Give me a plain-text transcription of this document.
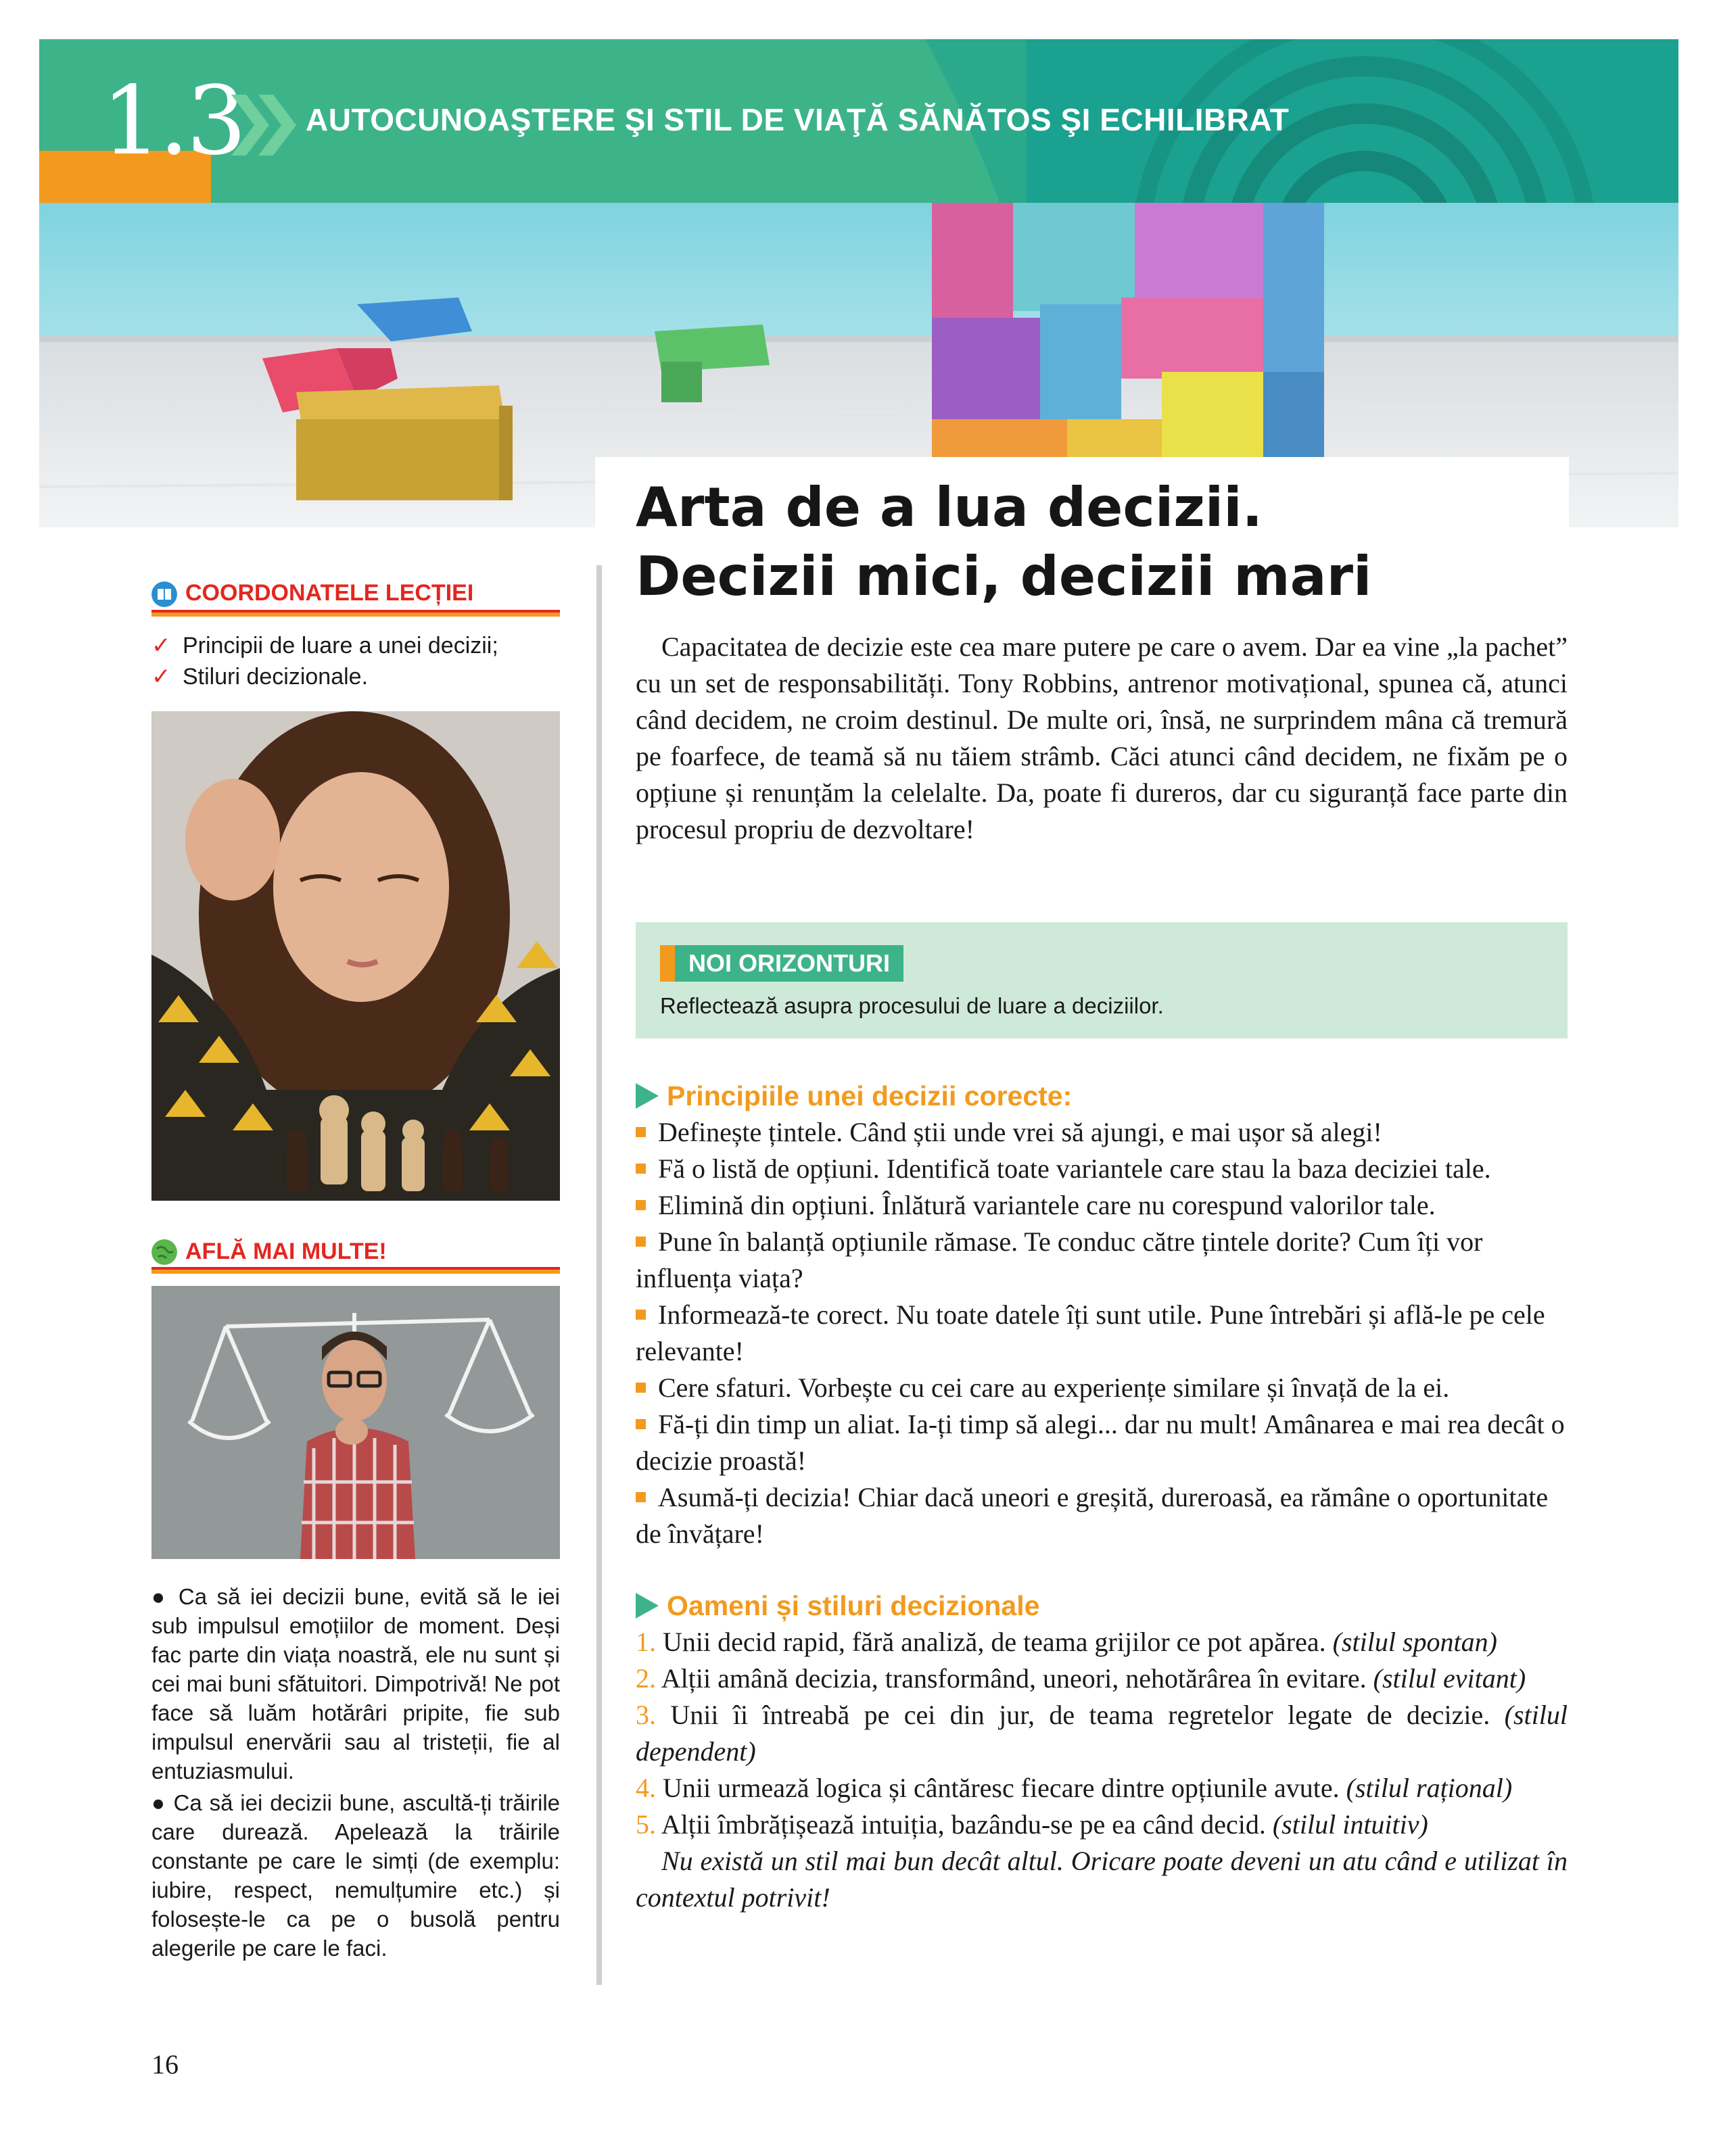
1.3 AUTOCUNOAŞTERE ŞI STIL DE VIAŢĂ SĂNĂTOS ŞI ECHILIBRAT
Arta de a lua decizii.
Decizii mici, decizii mari
COORDONATELE LECȚIEI
✓ Principii de luare a unei decizii;
✓ Stiluri decizionale.
AFLĂ MAI MULTE!

● Ca să iei decizii bune, evită să le iei sub impulsul emoțiilor de moment. Deși fac parte din viața noastră, ele nu sunt și cei mai buni sfătuitori. Dimpotrivă! Ne pot face să luăm hotărâri pripite, fie sub impulsul enervării sau al tristeții, fie al entuziasmului.

● Ca să iei decizii bune, ascultă-ți trăirile care durează. Apelează la trăirile constante pe care le simți (de exemplu: iubire, respect, nemulțumire etc.) și folosește-le ca pe o busolă pentru alegerile pe care le faci.

Capacitatea de decizie este cea mare putere pe care o avem. Dar ea vine „la pachet” cu un set de responsabilități. Tony Robbins, antrenor motivațional, spunea că, atunci când decidem, ne croim destinul. De multe ori, însă, ne surprindem mâna că tremură pe foarfece, de teamă să nu tăiem strâmb. Căci atunci când decidem, ne fixăm pe o opțiune și renunțăm la celelalte. Da, poate fi dureros, dar cu siguranță face parte din procesul propriu de dezvoltare!

NOI ORIZONTURI
Reflectează asupra procesului de luare a deciziilor.
Principiile unei decizii corecte:
Definește țintele. Când știi unde vrei să ajungi, e mai ușor să alegi!
Fă o listă de opțiuni. Identifică toate variantele care stau la baza deciziei tale.
Elimină din opțiuni. Înlătură variantele care nu corespund valorilor tale.
Pune în balanță opțiunile rămase. Te conduc către țintele dorite? Cum îți vor influența viața?
Informează-te corect. Nu toate datele îți sunt utile. Pune întrebări și află-le pe cele relevante!
Cere sfaturi. Vorbește cu cei care au experiențe similare și învață de la ei.
Fă-ți din timp un aliat. Ia-ți timp să alegi... dar nu mult! Amânarea e mai rea decât o decizie proastă!
Asumă-ți decizia! Chiar dacă uneori e greșită, dureroasă, ea rămâne o oportunitate de învățare!
Oameni și stiluri decizionale
1. Unii decid rapid, fără analiză, de teama grijilor ce pot apărea. (stilul spontan)
2. Alții amână decizia, transformând, uneori, nehotărârea în evitare. (stilul evitant)
3. Unii îi întreabă pe cei din jur, de teama regretelor legate de decizie. (stilul dependent)
4. Unii urmează logica și cântăresc fiecare dintre opțiunile avute. (stilul rațional)
5. Alții îmbrățișează intuiția, bazându-se pe ea când decid. (stilul intuitiv)
Nu există un stil mai bun decât altul. Oricare poate deveni un atu când e utilizat în contextul potrivit!
16
